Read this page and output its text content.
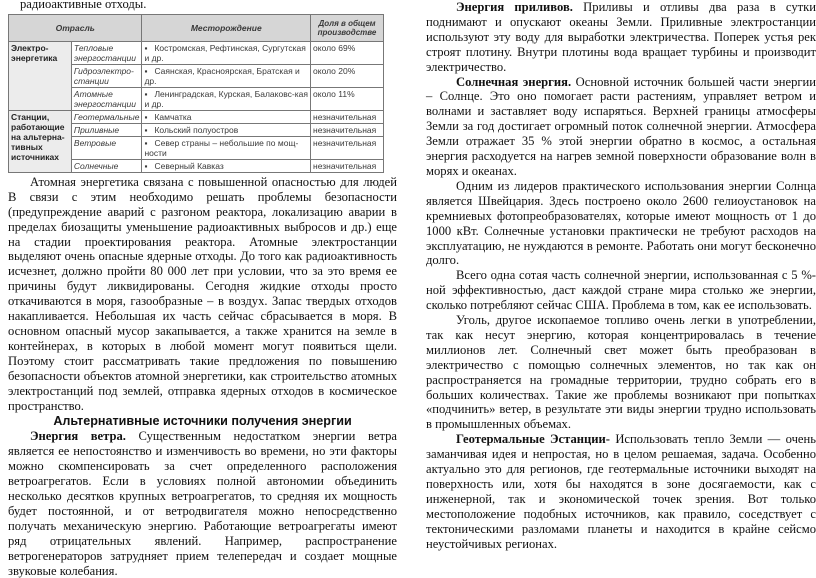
радиоактивные отходы.
Отрасль		Месторождение	Доля в общем производстве
Электро-энергетика	Тепловые энергостанции	▪ Костромская, Рефтинская, Сургутская и др.	около 69%
	Гидроэлектро-станции	▪ Саянская, Красноярская, Братская и др.	около 20%
	Атомные энергостанции	▪ Ленинградская, Курская, Балаковс-кая и др.	около 11%
Станции, работающие на альтерна-тивных источниках	Геотермальные	▪ Камчатка	незначительная
	Приливные	▪ Кольский полуостров	незначительная
	Ветровые	▪ Север страны – небольшие по мощ-ности	незначительная
	Солнечные	▪ Северный Кавказ	незначительная

Атомная энергетика связана с повышенной опасностью для людей В связи с этим необходимо решать проблемы безопасности (предупреждение аварий с разгоном реактора, локализацию аварии в пределах биозащиты уменьшение радиоактивных выбросов и др.) еще на стадии проектирования реактора. Атомные электростанции выделяют очень опасные ядерные отходы. До того как радиоактивность исчезнет, должно пройти 80 000 лет при условии, что за это время ее причины будут ликвидированы. Сегодня жидкие отходы просто откачиваются в моря, газообразные – в воздух. Запас твердых отходов накапливается. Небольшая их часть сейчас сбрасывается в моря. В основном опасный мусор закапывается, а также хранится на земле в контейнерах, в которых в любой момент могут появиться щели. Поэтому стоит рассматривать такие предложения по повышению безопасности объектов атомной энергетики, как строительство атомных электростанций под землей, отправка ядерных отходов в космическое пространство.

Альтернативные источники получения энергии

Энергия ветра. Существенным недостатком энергии ветра является ее непостоянство и изменчивость во времени, но эти факторы можно скомпенсировать за счет определенного расположения ветроагрегатов. Если в условиях полной автономии объединить несколько десятков крупных ветроагрегатов, то средняя их мощность будет постоянной, и от ветродвигателя можно непосредственно получать механическую энергию. Работающие ветроагрегаты имеют ряд отрицательных явлений. Например, распространение ветрогенераторов затрудняет прием телепередач и создает мощные звуковые колебания.

Энергия приливов. Приливы и отливы два раза в сутки поднимают и опускают океаны Земли. Приливные электростанции используют эту воду для выработки электричества. Поперек устья рек строят плотину. Внутри плотины вода вращает турбины и производит электричество.

Солнечная энергия. Основной источник большей части энергии – Солнце. Это оно помогает расти растениям, управляет ветром и волнами и заставляет воду испаряться. Верхней границы атмосферы Земли за год достигает огромный поток солнечной энергии. Атмосфера Земли отражает 35 % этой энергии обратно в космос, а остальная энергия расходуется на нагрев земной поверхности образование волн в морях и океанах.

Одним из лидеров практического использования энергии Солнца является Швейцария. Здесь построено около 2600 гелиоустановок на кремниевых фотопреобразователях, которые имеют мощность от 1 до 1000 кВт. Солнечные установки практически не требуют расходов на эксплуатацию, не нуждаются в ремонте. Работать они могут бесконечно долго.

Всего одна сотая часть солнечной энергии, использованная с 5 %-ной эффективностью, даст каждой стране мира столько же энергии, сколько потребляют сейчас США. Проблема в том, как ее использовать.

Уголь, другое ископаемое топливо очень легки в употреблении, так как несут энергию, которая концентрировалась в течение миллионов лет. Солнечный свет может быть преобразован в электричество с помощью солнечных элементов, но так как он распространяется на громадные территории, трудно собрать его в больших количествах. Такие же проблемы возникают при попытках «подчинить» ветер, в результате эти виды энергии трудно использовать в промышленных объемах.

Геотермальные Эстанции- Использовать тепло Земли — очень заманчивая идея и непростая, но в целом решаемая, задача. Особенно актуально это для регионов, где геотермальные источники выходят на поверхность или, хотя бы находятся в зоне досягаемости, как с инженерной, так и экономической точек зрения. Вот только местоположение подобных источников, как правило, соседствует с тектоническими разломами планеты и находится в крайне сейсмо неустойчивых регионах.
